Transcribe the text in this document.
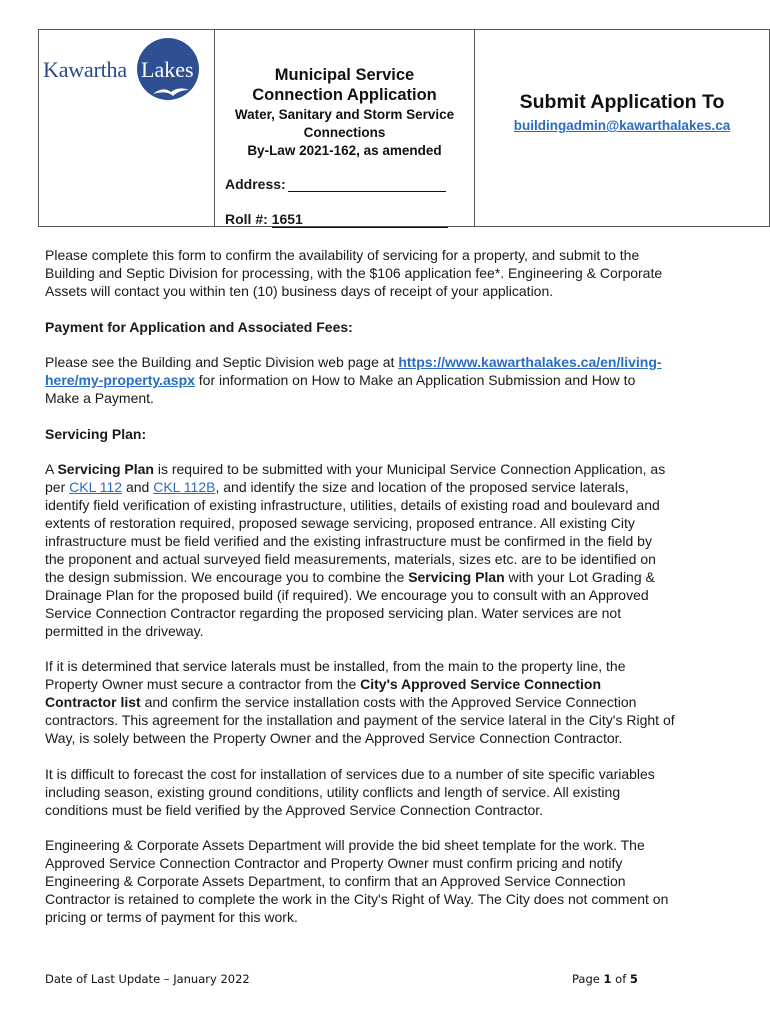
Kawartha Lakes	Municipal Service
Connection Application
Water, Sanitary and Storm Service
Connections
By-Law 2021-162, as amended
Address:
Roll #: 1651
Submit Application To
buildingadmin@kawarthalakes.ca
Please complete this form to confirm the availability of servicing for a property, and submit to the
Building and Septic Division for processing, with the $106 application fee*. Engineering & Corporate
Assets will contact you within ten (10) business days of receipt of your application.
Payment for Application and Associated Fees:
Please see the Building and Septic Division web page at https://www.kawarthalakes.ca/en/living-
here/my-property.aspx for information on How to Make an Application Submission and How to
Make a Payment.
Servicing Plan:
A Servicing Plan is required to be submitted with your Municipal Service Connection Application, as
per CKL 112 and CKL 112B, and identify the size and location of the proposed service laterals,
identify field verification of existing infrastructure, utilities, details of existing road and boulevard and
extents of restoration required, proposed sewage servicing, proposed entrance. All existing City
infrastructure must be field verified and the existing infrastructure must be confirmed in the field by
the proponent and actual surveyed field measurements, materials, sizes etc. are to be identified on
the design submission. We encourage you to combine the Servicing Plan with your Lot Grading &
Drainage Plan for the proposed build (if required). We encourage you to consult with an Approved
Service Connection Contractor regarding the proposed servicing plan. Water services are not
permitted in the driveway.
If it is determined that service laterals must be installed, from the main to the property line, the
Property Owner must secure a contractor from the City's Approved Service Connection
Contractor list and confirm the service installation costs with the Approved Service Connection
contractors. This agreement for the installation and payment of the service lateral in the City's Right of
Way, is solely between the Property Owner and the Approved Service Connection Contractor.
It is difficult to forecast the cost for installation of services due to a number of site specific variables
including season, existing ground conditions, utility conflicts and length of service. All existing
conditions must be field verified by the Approved Service Connection Contractor.
Engineering & Corporate Assets Department will provide the bid sheet template for the work. The
Approved Service Connection Contractor and Property Owner must confirm pricing and notify
Engineering & Corporate Assets Department, to confirm that an Approved Service Connection
Contractor is retained to complete the work in the City's Right of Way. The City does not comment on
pricing or terms of payment for this work.
Date of Last Update – January 2022	Page 1 of 5
